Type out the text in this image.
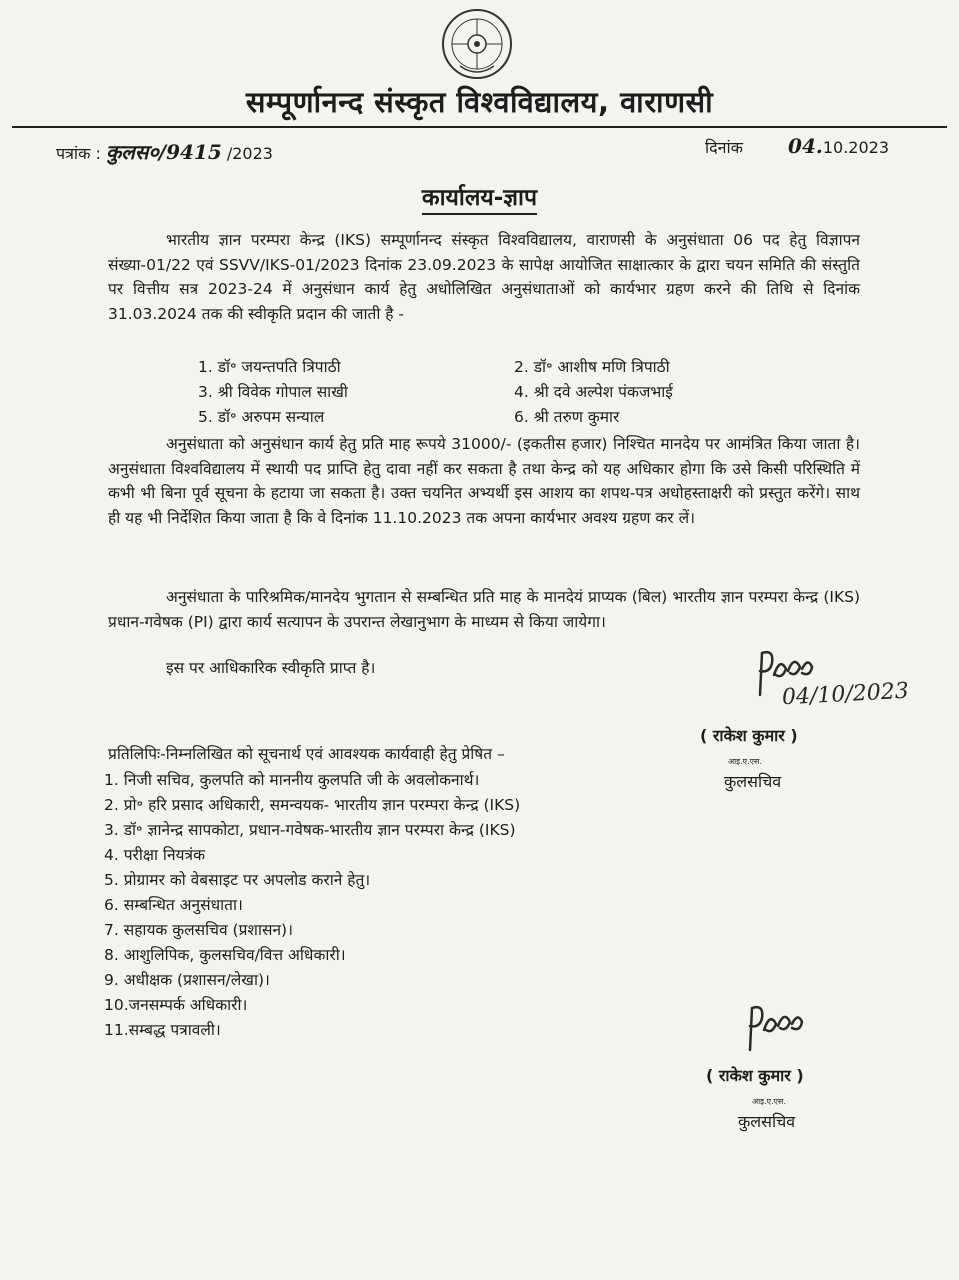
सम्पूर्णानन्द संस्कृत विश्वविद्यालय, वाराणसी
पत्रांक : कुलस०/9415 /2023	दिनांक 04.10.2023
कार्यालय-ज्ञाप
भारतीय ज्ञान परम्परा केन्द्र (IKS) सम्पूर्णानन्द संस्कृत विश्वविद्यालय, वाराणसी के अनुसंधाता 06 पद हेतु विज्ञापन संख्या-01/22 एवं SSVV/IKS-01/2023 दिनांक 23.09.2023 के सापेक्ष आयोजित साक्षात्कार के द्वारा चयन समिति की संस्तुति पर वित्तीय सत्र 2023-24 में अनुसंधान कार्य हेतु अधोलिखित अनुसंधाताओं को कार्यभार ग्रहण करने की तिथि से दिनांक 31.03.2024 तक की स्वीकृति प्रदान की जाती है -
1. डॉ॰ जयन्तपति त्रिपाठी	2. डॉ॰ आशीष मणि त्रिपाठी
3. श्री विवेक गोपाल साखी	4. श्री दवे अल्पेश पंकजभाई
5. डॉ॰ अरुपम सन्याल	6. श्री तरुण कुमार
अनुसंधाता को अनुसंधान कार्य हेतु प्रति माह रूपये 31000/- (इकतीस हजार) निश्चित मानदेय पर आमंत्रित किया जाता है। अनुसंधाता विश्वविद्यालय में स्थायी पद प्राप्ति हेतु दावा नहीं कर सकता है तथा केन्द्र को यह अधिकार होगा कि उसे किसी परिस्थिति में कभी भी बिना पूर्व सूचना के हटाया जा सकता है। उक्त चयनित अभ्यर्थी इस आशय का शपथ-पत्र अधोहस्ताक्षरी को प्रस्तुत करेंगे। साथ ही यह भी निर्देशित किया जाता है कि वे दिनांक 11.10.2023 तक अपना कार्यभार अवश्य ग्रहण कर लें।
अनुसंधाता के पारिश्रमिक/मानदेय भुगतान से सम्बन्धित प्रति माह के मानदेयं प्राप्यक (बिल) भारतीय ज्ञान परम्परा केन्द्र (IKS) प्रधान-गवेषक (PI) द्वारा कार्य सत्यापन के उपरान्त लेखानुभाग के माध्यम से किया जायेगा।
इस पर आधिकारिक स्वीकृति प्राप्त है।
04/10/2023
( राकेश कुमार )
आइ.ए.एस.
कुलसचिव
प्रतिलिपिः-निम्नलिखित को सूचनार्थ एवं आवश्यक कार्यवाही हेतु प्रेषित –
1. निजी सचिव, कुलपति को माननीय कुलपति जी के अवलोकनार्थ।
2. प्रो॰ हरि प्रसाद अधिकारी, समन्वयक- भारतीय ज्ञान परम्परा केन्द्र (IKS)
3. डॉ॰ ज्ञानेन्द्र सापकोटा, प्रधान-गवेषक-भारतीय ज्ञान परम्परा केन्द्र (IKS)
4. परीक्षा नियत्रंक
5. प्रोग्रामर को वेबसाइट पर अपलोड कराने हेतु।
6. सम्बन्धित अनुसंधाता।
7. सहायक कुलसचिव (प्रशासन)।
8. आशुलिपिक, कुलसचिव/वित्त अधिकारी।
9. अधीक्षक (प्रशासन/लेखा)।
10.जनसम्पर्क अधिकारी।
11.सम्बद्ध पत्रावली।
( राकेश कुमार )
आइ.ए.एस.
कुलसचिव
